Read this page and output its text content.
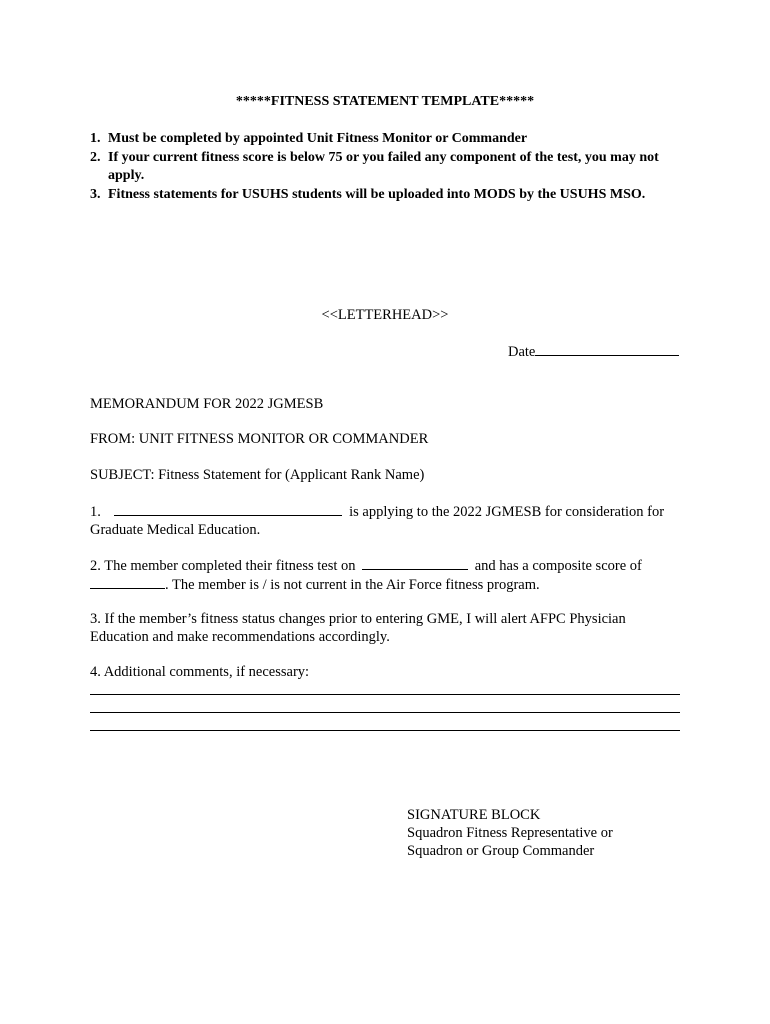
*****FITNESS STATEMENT TEMPLATE*****
1. Must be completed by appointed Unit Fitness Monitor or Commander
2. If your current fitness score is below 75 or you failed any component of the test, you may not apply.
3. Fitness statements for USUHS students will be uploaded into MODS by the USUHS MSO.
<<LETTERHEAD>>
Date
MEMORANDUM FOR 2022 JGMESB
FROM: UNIT FITNESS MONITOR OR COMMANDER
SUBJECT: Fitness Statement for (Applicant Rank Name)
1.	is applying to the 2022 JGMESB for consideration for
Graduate Medical Education.
2. The member completed their fitness test on	and has a composite score of
. The member is / is not current in the Air Force fitness program.
3. If the member’s fitness status changes prior to entering GME, I will alert AFPC Physician
Education and make recommendations accordingly.
4. Additional comments, if necessary:
SIGNATURE BLOCK
Squadron Fitness Representative or
Squadron or Group Commander
